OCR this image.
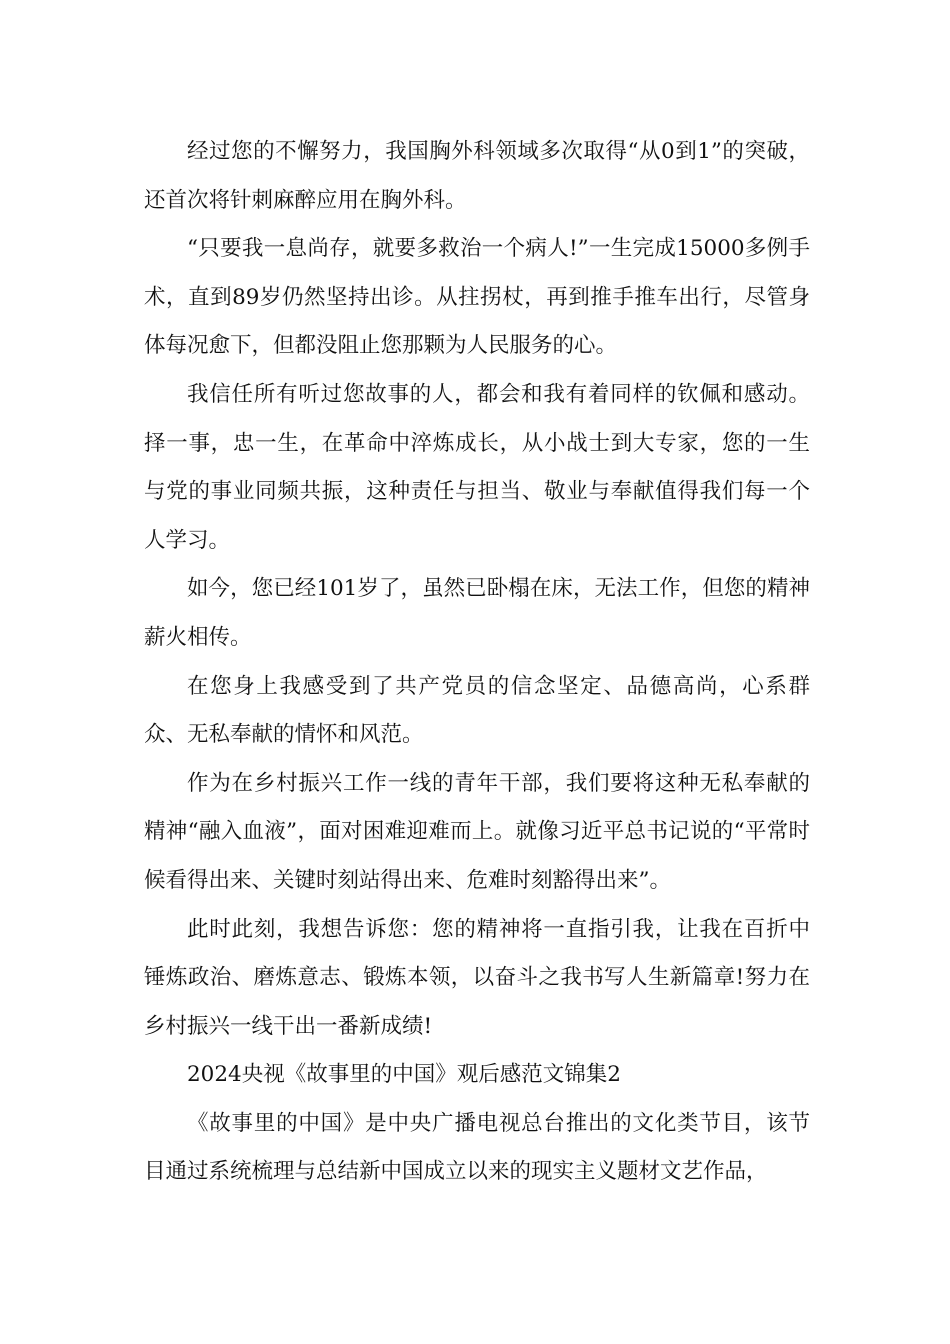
经过您的不懈努力，我国胸外科领域多次取得“从0到1”的突破，还首次将针刺麻醉应用在胸外科。

“只要我一息尚存，就要多救治一个病人!”一生完成15000多例手术，直到89岁仍然坚持出诊。从拄拐杖，再到推手推车出行，尽管身体每况愈下，但都没阻止您那颗为人民服务的心。

我信任所有听过您故事的人，都会和我有着同样的钦佩和感动。择一事，忠一生，在革命中淬炼成长，从小战士到大专家，您的一生与党的事业同频共振，这种责任与担当、敬业与奉献值得我们每一个人学习。

如今，您已经101岁了，虽然已卧榻在床，无法工作，但您的精神薪火相传。

在您身上我感受到了共产党员的信念坚定、品德高尚，心系群众、无私奉献的情怀和风范。

作为在乡村振兴工作一线的青年干部，我们要将这种无私奉献的精神“融入血液”，面对困难迎难而上。就像习近平总书记说的“平常时候看得出来、关键时刻站得出来、危难时刻豁得出来”。

此时此刻，我想告诉您：您的精神将一直指引我，让我在百折中锤炼政治、磨炼意志、锻炼本领，以奋斗之我书写人生新篇章!努力在乡村振兴一线干出一番新成绩!

2024央视《故事里的中国》观后感范文锦集2

《故事里的中国》是中央广播电视总台推出的文化类节目，该节目通过系统梳理与总结新中国成立以来的现实主义题材文艺作品，
